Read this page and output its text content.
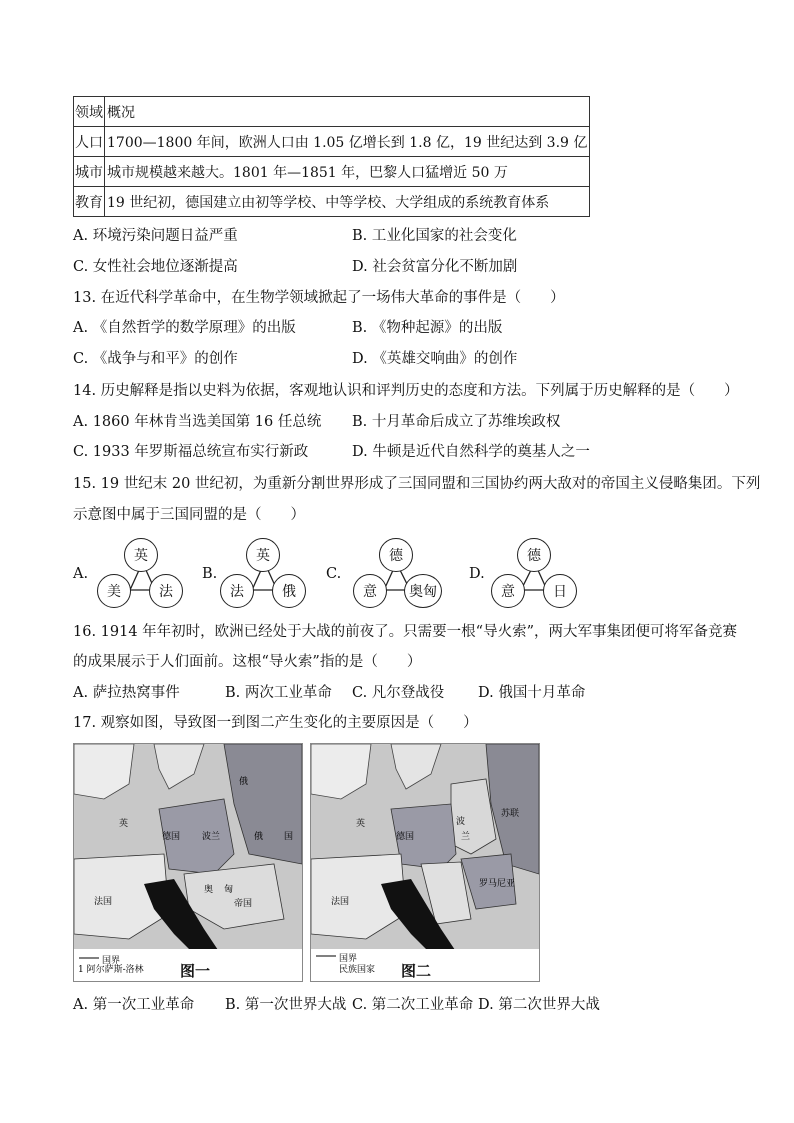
领域	概况
人口	1700—1800 年间，欧洲人口由 1.05 亿增长到 1.8 亿，19 世纪达到 3.9 亿
城市	城市规模越来越大。1801 年—1851 年，巴黎人口猛增近 50 万
教育	19 世纪初，德国建立由初等学校、中等学校、大学组成的系统教育体系
A. 环境污染问题日益严重	B. 工业化国家的社会变化
C. 女性社会地位逐渐提高	D. 社会贫富分化不断加剧
13. 在近代科学革命中，在生物学领域掀起了一场伟大革命的事件是（　　）
A. 《自然哲学的数学原理》的出版	B. 《物种起源》的出版
C. 《战争与和平》的创作	D. 《英雄交响曲》的创作
14. 历史解释是指以史料为依据，客观地认识和评判历史的态度和方法。下列属于历史解释的是（　　）
A. 1860 年林肯当选美国第 16 任总统 B. 十月革命后成立了苏维埃政权
C. 1933 年罗斯福总统宣布实行新政	D. 牛顿是近代自然科学的奠基人之一
15. 19 世纪末 20 世纪初，为重新分割世界形成了三国同盟和三国协约两大敌对的帝国主义侵略集团。下列
示意图中属于三国同盟的是（　　）
A.
英
美	法
B.
英
法	俄
C.
德
意	奥匈
D.
德
意	日
16. 1914 年年初时，欧洲已经处于大战的前夜了。只需要一根“导火索”，两大军事集团便可将军备竞赛
的成果展示于人们面前。这根“导火索”指的是（　　）
A. 萨拉热窝事件	B. 两次工业革命 C. 凡尔登战役 D. 俄国十月革命
17. 观察如图，导致图一到图二产生变化的主要原因是（　　）
德国 波兰	俄 国
法国
奥 匈
帝国
俄
英
1 阿尔萨斯-洛林
国界
图一
德国
波
兰
苏联
法国
罗马尼亚
英
国界
民族国家 图二
A. 第一次工业革命 B. 第一次世界大战 C. 第二次工业革命 D. 第二次世界大战
